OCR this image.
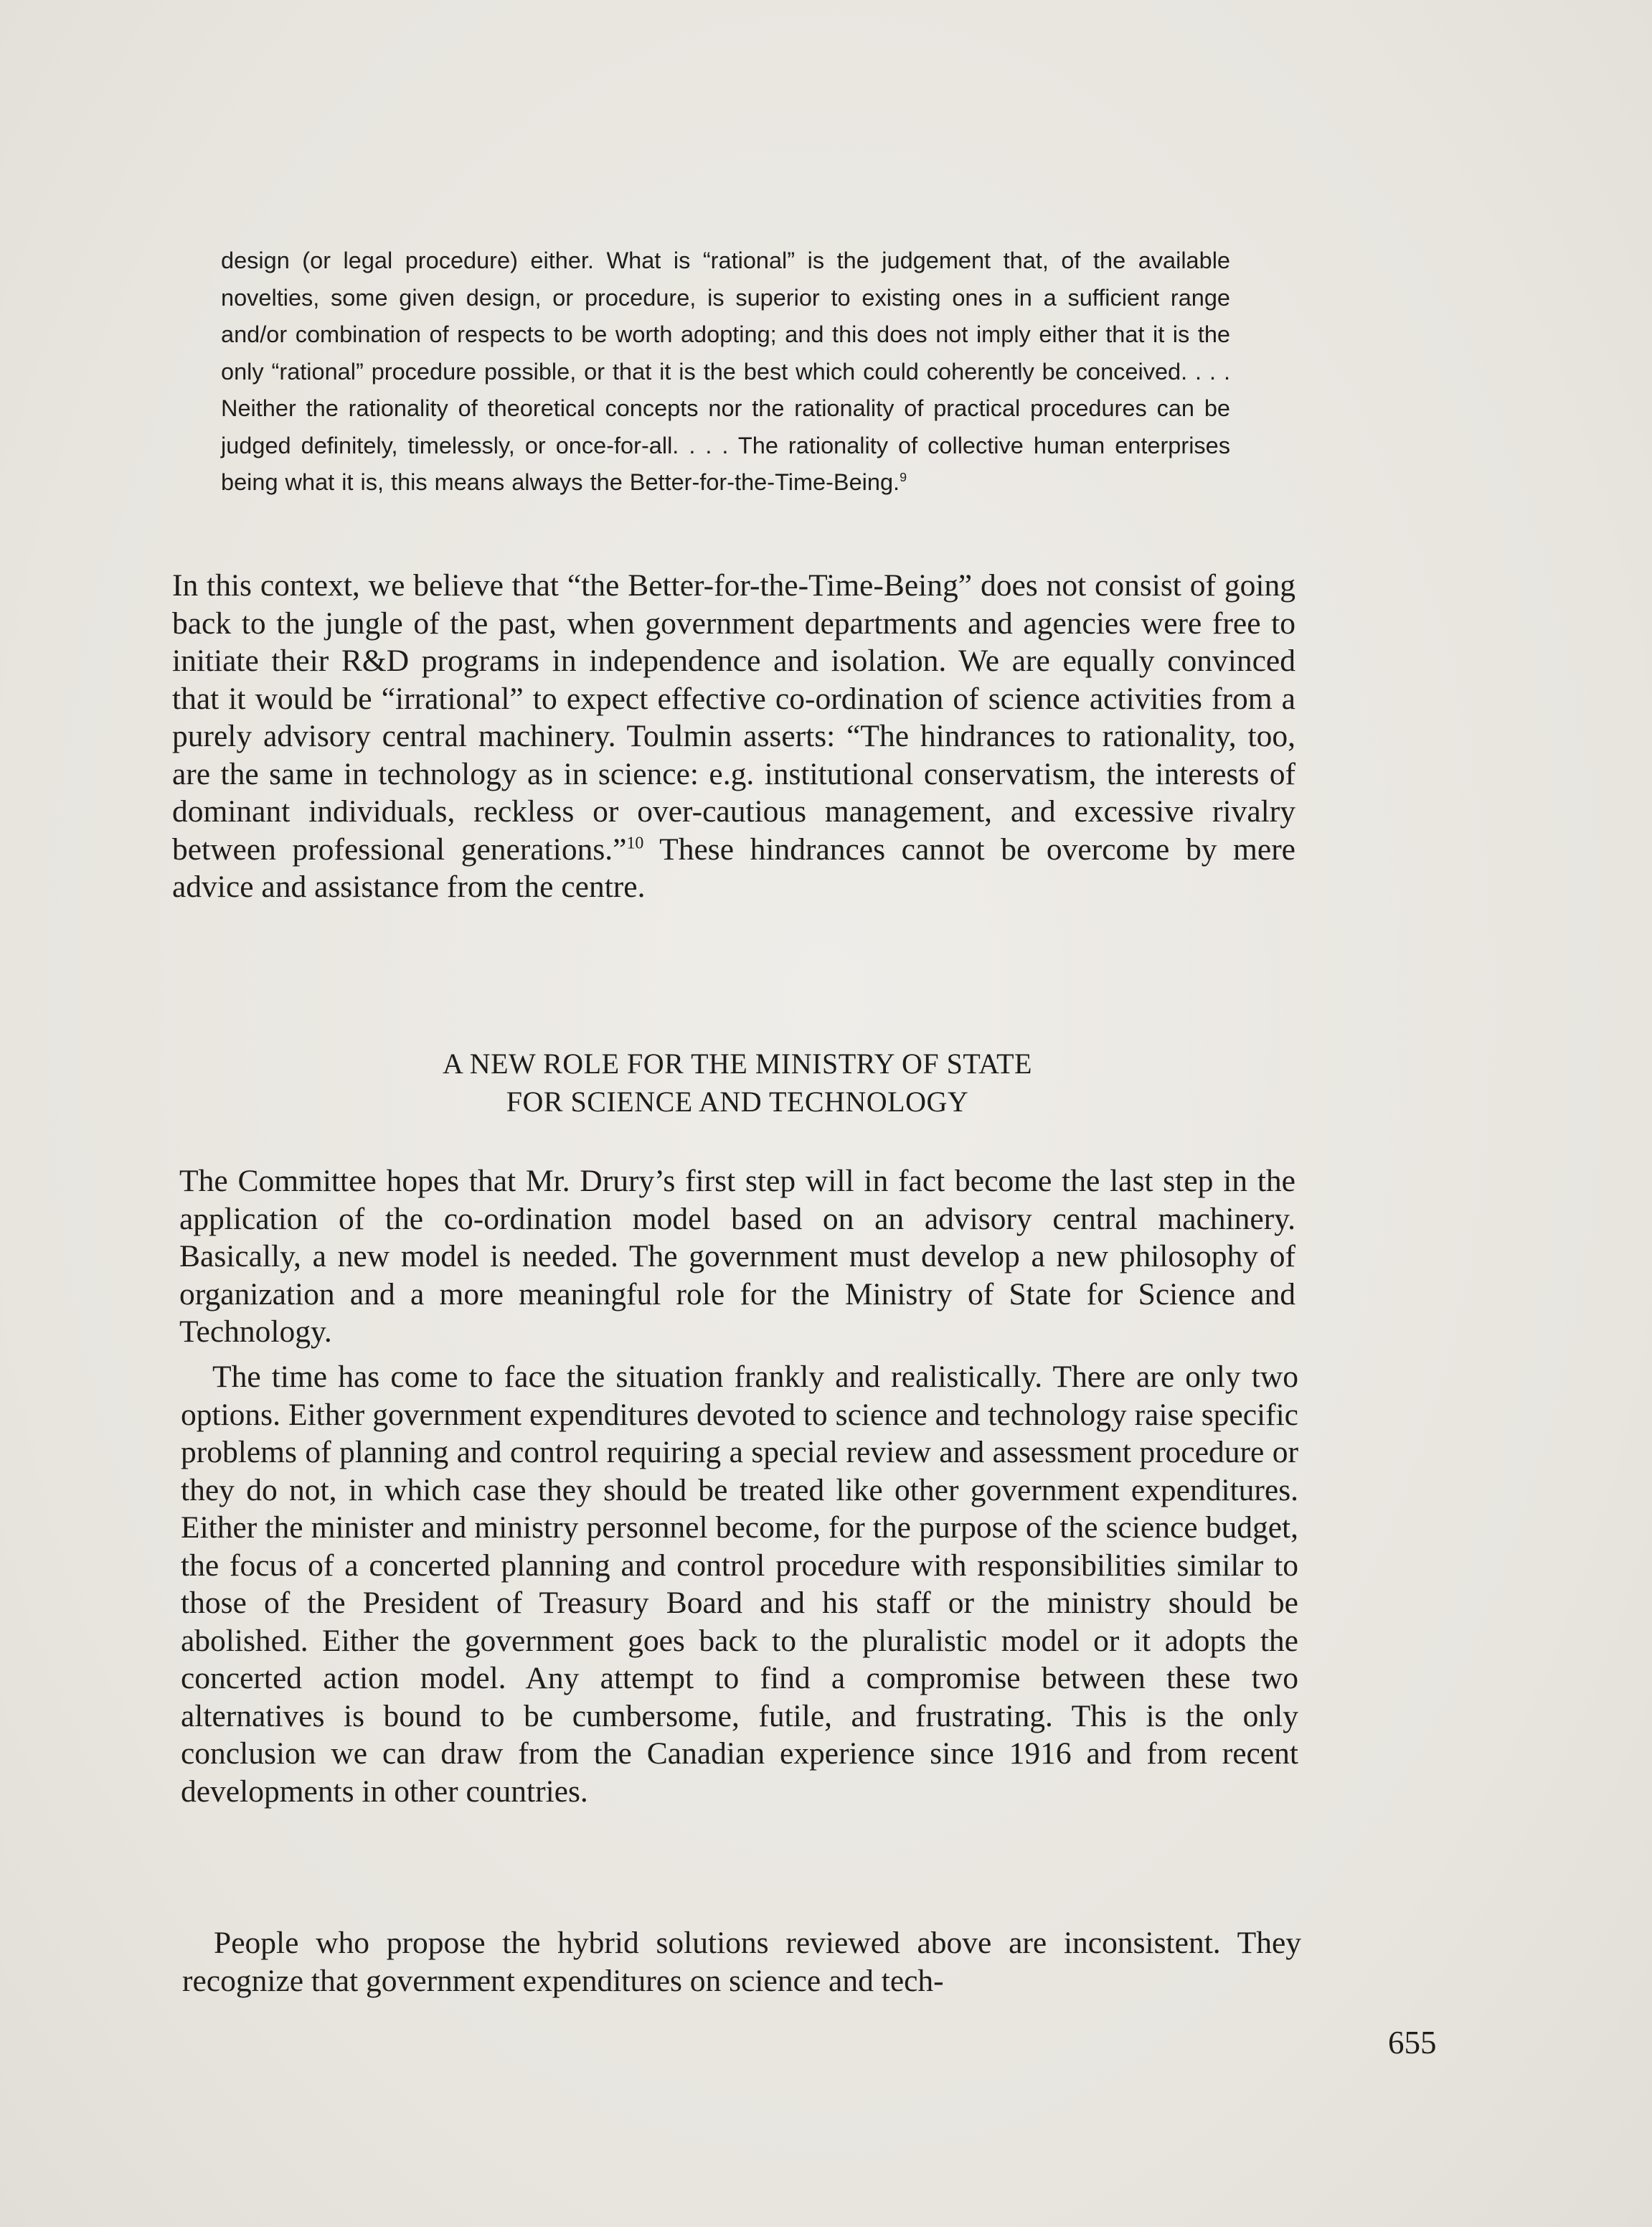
design (or legal procedure) either. What is “rational” is the judgement that, of the available novelties, some given design, or procedure, is superior to existing ones in a sufficient range and/or combination of respects to be worth adopting; and this does not imply either that it is the only “rational” procedure possible, or that it is the best which could coherently be conceived. . . . Neither the rationality of theoretical concepts nor the rationality of practical procedures can be judged definitely, timelessly, or once-for-all. . . . The rationality of collective human enterprises being what it is, this means always the Better-for-the-Time-Being.$^9$

In this context, we believe that “the Better-for-the-Time-Being” does not consist of going back to the jungle of the past, when government departments and agencies were free to initiate their R&D programs in independence and isolation. We are equally convinced that it would be “irrational” to expect effective co-ordination of science activities from a purely advisory central machinery. Toulmin asserts: “The hindrances to rationality, too, are the same in technology as in science: e.g. institutional conservatism, the interests of dominant individuals, reckless or over-cautious management, and excessive rivalry between professional generations.”$^{10}$ These hindrances cannot be overcome by mere advice and assistance from the centre.

A NEW ROLE FOR THE MINISTRY OF STATE
FOR SCIENCE AND TECHNOLOGY

The Committee hopes that Mr. Drury’s first step will in fact become the last step in the application of the co-ordination model based on an advisory central machinery. Basically, a new model is needed. The government must develop a new philosophy of organization and a more meaningful role for the Ministry of State for Science and Technology.

The time has come to face the situation frankly and realistically. There are only two options. Either government expenditures devoted to science and technology raise specific problems of planning and control requiring a special review and assessment procedure or they do not, in which case they should be treated like other government expenditures. Either the minister and ministry personnel become, for the purpose of the science budget, the focus of a concerted planning and control procedure with responsibilities similar to those of the President of Treasury Board and his staff or the ministry should be abolished. Either the government goes back to the pluralistic model or it adopts the concerted action model. Any attempt to find a compromise between these two alternatives is bound to be cumbersome, futile, and frustrating. This is the only conclusion we can draw from the Canadian experience since 1916 and from recent developments in other countries.

People who propose the hybrid solutions reviewed above are inconsistent. They recognize that government expenditures on science and tech-

655
